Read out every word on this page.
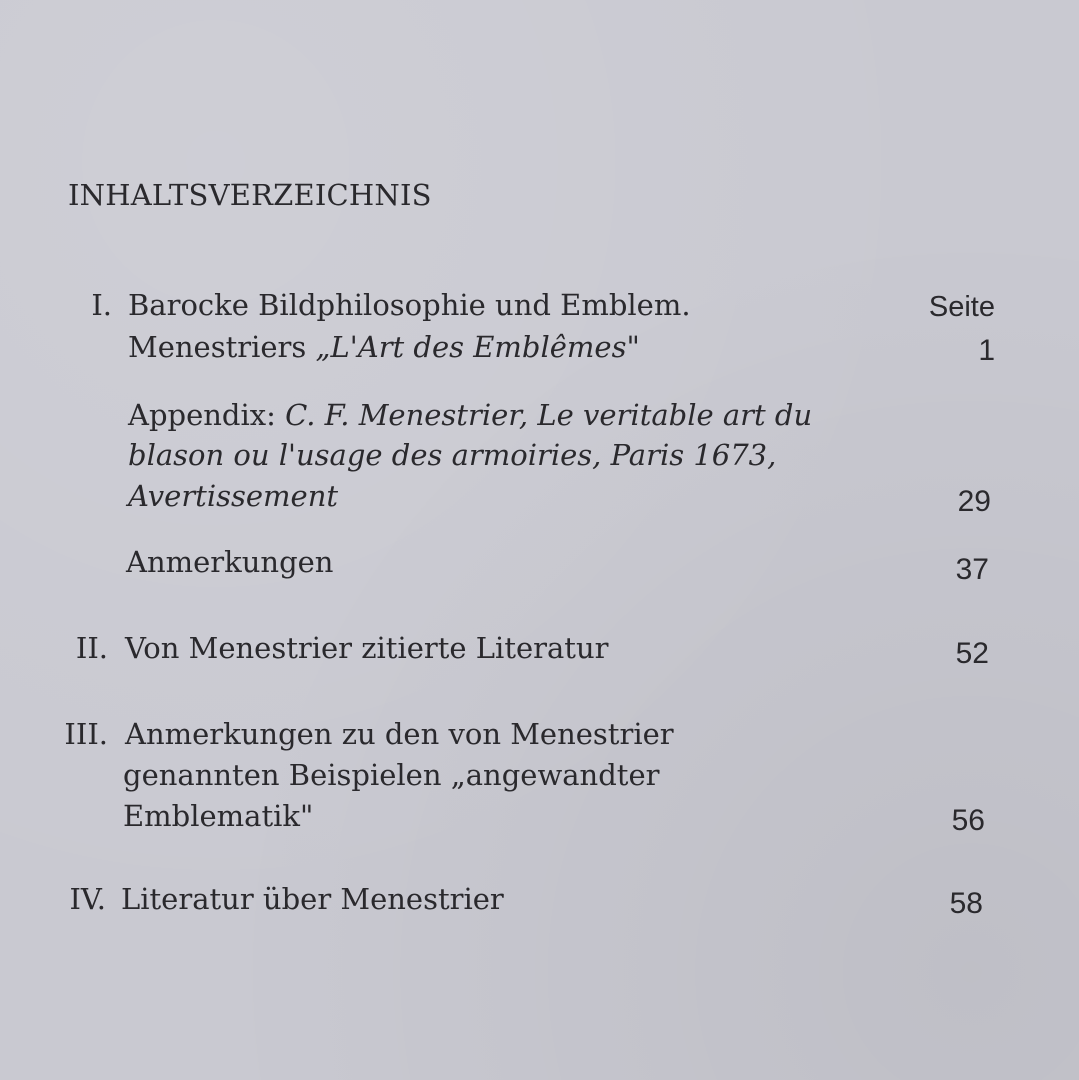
INHALTSVERZEICHNIS
I. Barocke Bildphilosophie und Emblem.	Seite
Menestriers „L'Art des Emblêmes"	1
Appendix: C. F. Menestrier, Le veritable art du
blason ou l'usage des armoiries, Paris 1673,
Avertissement	29
Anmerkungen	37
II. Von Menestrier zitierte Literatur	52
III. Anmerkungen zu den von Menestrier
genannten Beispielen „angewandter
Emblematik"	56
IV. Literatur über Menestrier	58
